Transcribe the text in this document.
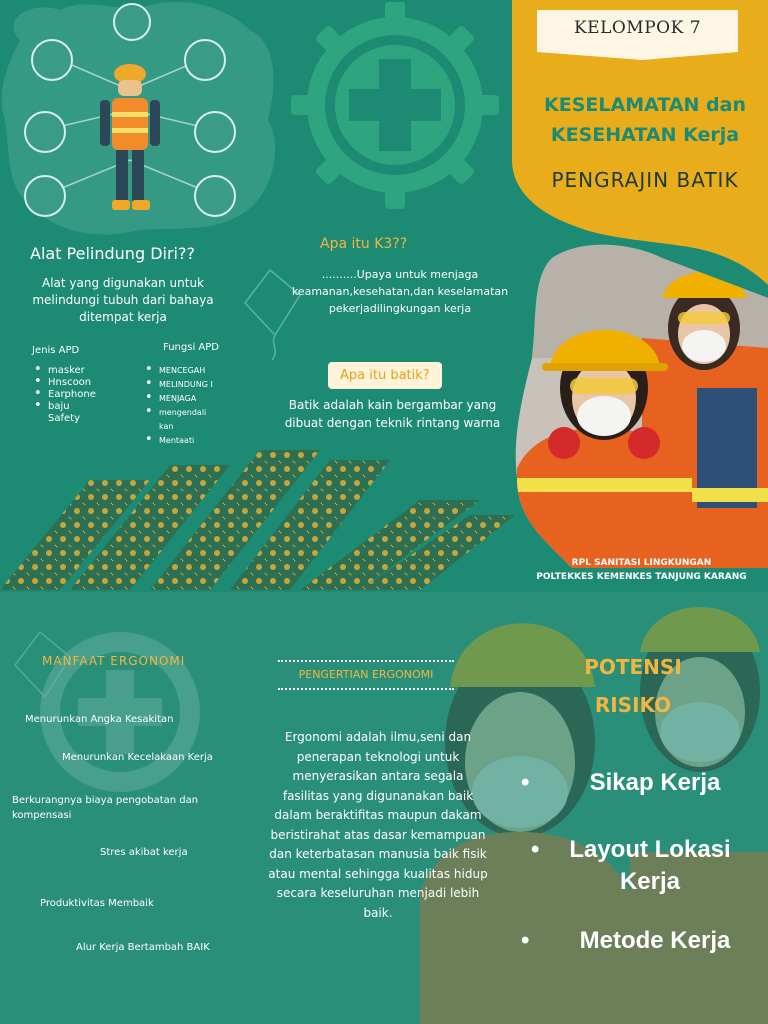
KELOMPOK 7
KESELAMATAN dan
KESEHATAN Kerja
PENGRAJIN BATIK
Alat Pelindung Diri??
Alat yang digunakan untuk melindungi tubuh dari bahaya ditempat kerja
Jenis APD
• masker
• Hnscoon
• Earphone
• baju Safety
Fungsi APD
• MENCEGAH
• MELINDUNG I
• MENJAGA
• mengendali kan
• Mentaati
Apa itu K3??
..........Upaya untuk menjaga keamanan,kesehatan,dan keselamatan pekerjadilingkungan kerja
Apa itu batik?
Batik adalah kain bergambar yang dibuat dengan teknik rintang warna
RPL SANITASI LINGKUNGAN
POLTEKKES KEMENKES TANJUNG KARANG
MANFAAT ERGONOMI
Menurunkan Angka Kesakitan
Menurunkan Kecelakaan Kerja
Berkurangnya biaya pengobatan dan kompensasi
Stres akibat kerja
Produktivitas Membaik
Alur Kerja Bertambah BAIK
PENGERTIAN ERGONOMI
Ergonomi adalah ilmu,seni dan penerapan teknologi untuk menyerasikan antara segala fasilitas yang digunanakan baik dalam beraktifitas maupun dakam beristirahat atas dasar kemampuan dan keterbatasan manusia baik fisik atau mental sehingga kualitas hidup secara keseluruhan menjadi lebih baik.
POTENSI
RISIKO
• Sikap Kerja
• Layout Lokasi Kerja
• Metode Kerja
